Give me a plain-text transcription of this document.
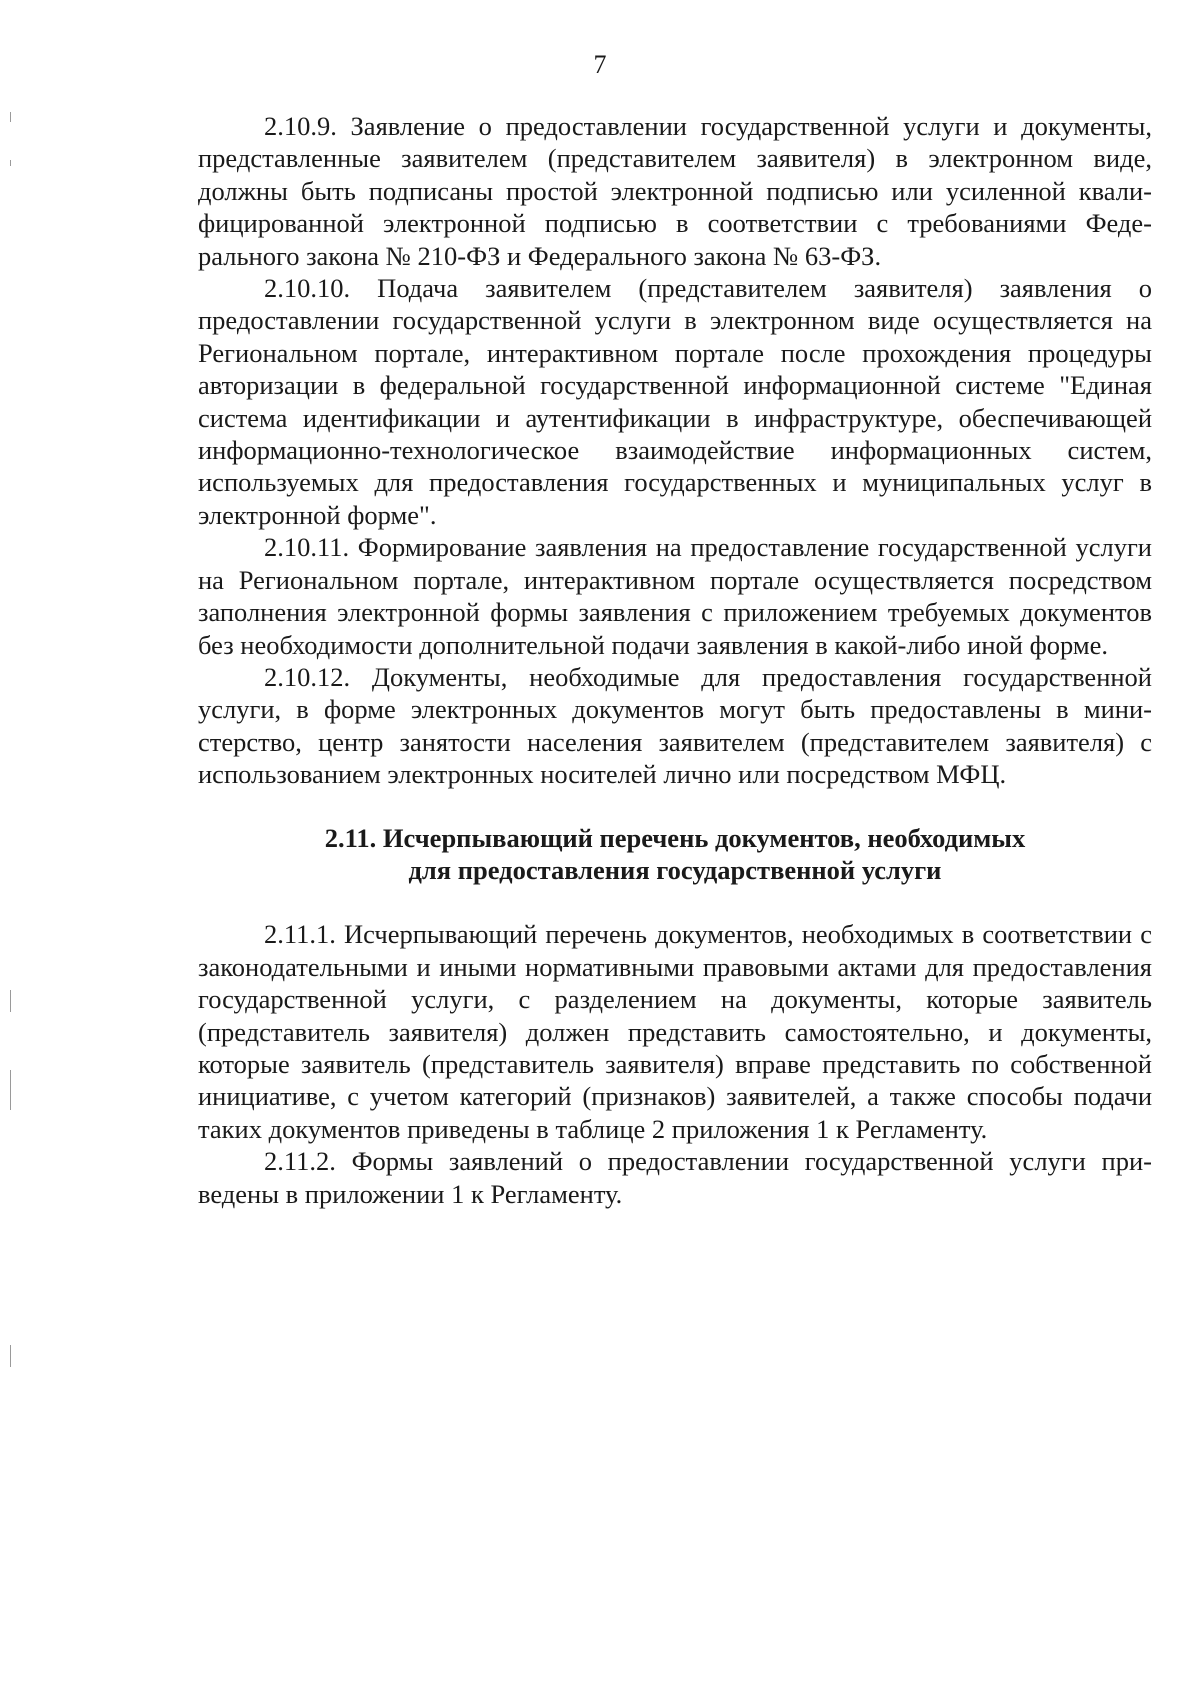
7

2.10.9. Заявление о предоставлении государственной услуги и документы, представленные заявителем (представителем заявителя) в электронном виде, должны быть подписаны простой электронной подписью или усиленной квалифицированной электронной подписью в соответствии с требованиями Федерального закона № 210-ФЗ и Федерального закона № 63-ФЗ.

2.10.10. Подача заявителем (представителем заявителя) заявления о предоставлении государственной услуги в электронном виде осуществляется на Региональном портале, интерактивном портале после прохождения процедуры авторизации в федеральной государственной информационной системе "Единая система идентификации и аутентификации в инфраструктуре, обеспечивающей информационно-технологическое взаимодействие информационных систем, используемых для предоставления государственных и муниципальных услуг в электронной форме".

2.10.11. Формирование заявления на предоставление государственной услуги на Региональном портале, интерактивном портале осуществляется посредством заполнения электронной формы заявления с приложением требуемых документов без необходимости дополнительной подачи заявления в какой-либо иной форме.

2.10.12. Документы, необходимые для предоставления государственной услуги, в форме электронных документов могут быть предоставлены в министерство, центр занятости населения заявителем (представителем заявителя) с использованием электронных носителей лично или посредством МФЦ.

2.11. Исчерпывающий перечень документов, необходимых
для предоставления государственной услуги

2.11.1. Исчерпывающий перечень документов, необходимых в соответствии с законодательными и иными нормативными правовыми актами для предоставления государственной услуги, с разделением на документы, которые заявитель (представитель заявителя) должен представить самостоятельно, и документы, которые заявитель (представитель заявителя) вправе представить по собственной инициативе, с учетом категорий (признаков) заявителей, а также способы подачи таких документов приведены в таблице 2 приложения 1 к Регламенту.

2.11.2. Формы заявлений о предоставлении государственной услуги приведены в приложении 1 к Регламенту.
